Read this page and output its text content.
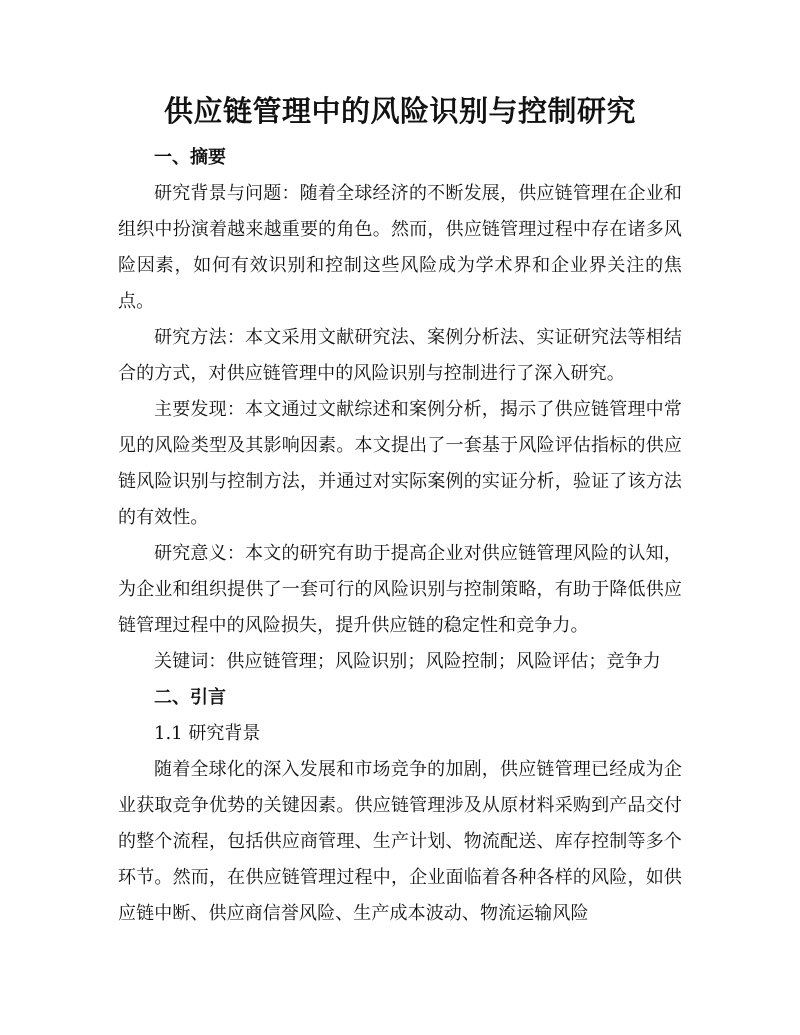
供应链管理中的风险识别与控制研究

一、摘要

研究背景与问题：随着全球经济的不断发展，供应链管理在企业和组织中扮演着越来越重要的角色。然而，供应链管理过程中存在诸多风险因素，如何有效识别和控制这些风险成为学术界和企业界关注的焦点。

研究方法：本文采用文献研究法、案例分析法、实证研究法等相结合的方式，对供应链管理中的风险识别与控制进行了深入研究。

主要发现：本文通过文献综述和案例分析，揭示了供应链管理中常见的风险类型及其影响因素。本文提出了一套基于风险评估指标的供应链风险识别与控制方法，并通过对实际案例的实证分析，验证了该方法的有效性。

研究意义：本文的研究有助于提高企业对供应链管理风险的认知，为企业和组织提供了一套可行的风险识别与控制策略，有助于降低供应链管理过程中的风险损失，提升供应链的稳定性和竞争力。

关键词：供应链管理；风险识别；风险控制；风险评估；竞争力

二、引言

1.1 研究背景

随着全球化的深入发展和市场竞争的加剧，供应链管理已经成为企业获取竞争优势的关键因素。供应链管理涉及从原材料采购到产品交付的整个流程，包括供应商管理、生产计划、物流配送、库存控制等多个环节。然而，在供应链管理过程中，企业面临着各种各样的风险，如供应链中断、供应商信誉风险、生产成本波动、物流运输风险
